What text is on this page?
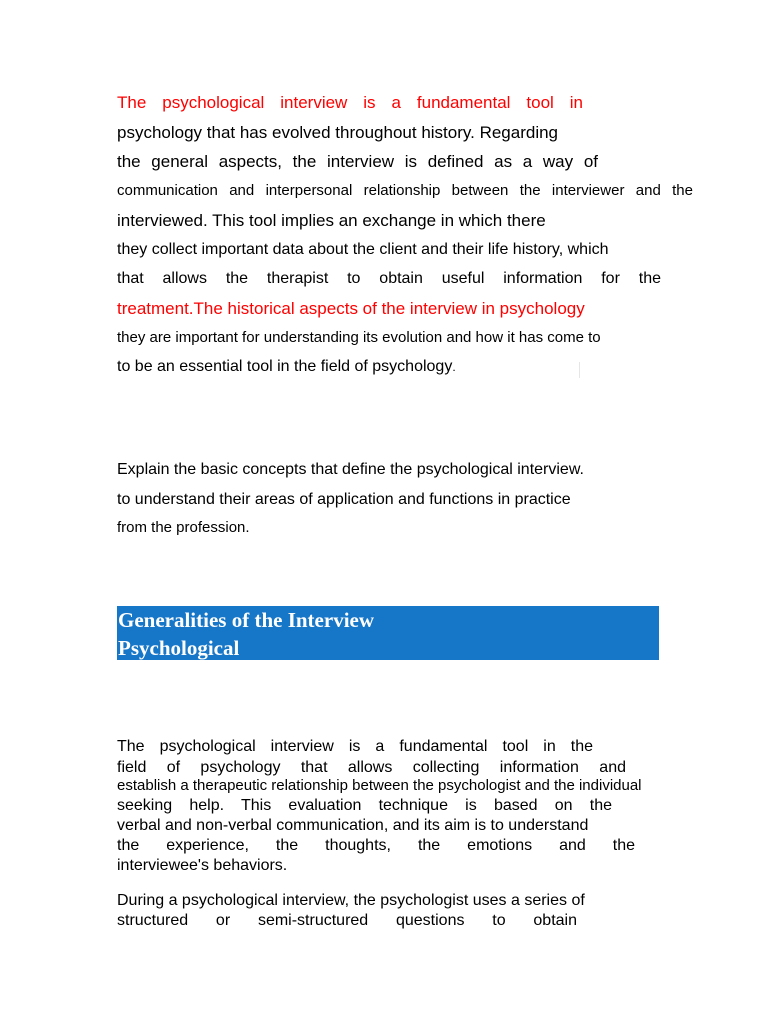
The psychological interview is a fundamental tool in
psychology that has evolved throughout history. Regarding
the general aspects, the interview is defined as a way of
communication and interpersonal relationship between the interviewer and the
interviewed. This tool implies an exchange in which there
they collect important data about the client and their life history, which
that allows the therapist to obtain useful information for the
treatment.The historical aspects of the interview in psychology
they are important for understanding its evolution and how it has come to
to be an essential tool in the field of psychology.
Explain the basic concepts that define the psychological interview.
to understand their areas of application and functions in practice
from the profession.
Generalities of the Interview
Psychological
The psychological interview is a fundamental tool in the
field of psychology that allows collecting information and
establish a therapeutic relationship between the psychologist and the individual
seeking help. This evaluation technique is based on the
verbal and non-verbal communication, and its aim is to understand
the experience, the thoughts, the emotions and the
interviewee's behaviors.
During a psychological interview, the psychologist uses a series of
structured or semi-structured questions to obtain
